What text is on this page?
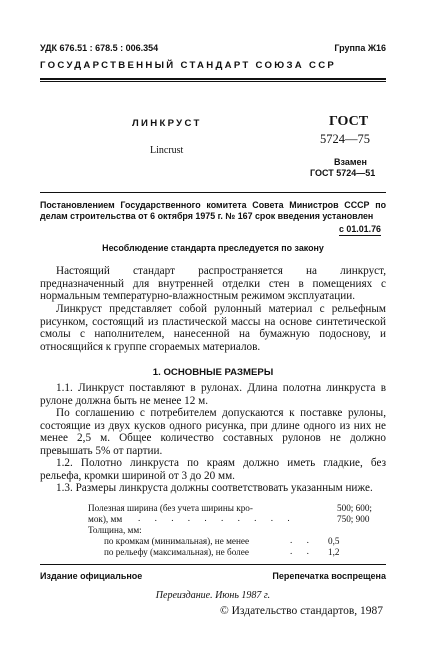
УДК 676.51 : 678.5 : 006.354	Группа Ж16
ГОСУДАРСТВЕННЫЙ СТАНДАРТ СОЮЗА ССР
ЛИНКРУСТ
Lincrust
ГОСТ
5724—75
Взамен
ГОСТ 5724—51
Постановлением Государственного комитета Совета Министров СССР по делам строительства от 6 октября 1975 г. № 167 срок введения установлен
с 01.01.76
Несоблюдение стандарта преследуется по закону
Настоящий стандарт распространяется на линкруст, предназначенный для внутренней отделки стен в помещениях с нормальным температурно-влажностным режимом эксплуатации.
Линкруст представляет собой рулонный материал с рельефным рисунком, состоящий из пластической массы на основе синтетической смолы с наполнителем, нанесенной на бумажную подоснову, и относящийся к группе сгораемых материалов.
1. ОСНОВНЫЕ РАЗМЕРЫ
1.1. Линкруст поставляют в рулонах. Длина полотна линкруста в рулоне должна быть не менее 12 м.
По соглашению с потребителем допускаются к поставке рулоны, состоящие из двух кусков одного рисунка, при длине одного из них не менее 2,5 м. Общее количество составных рулонов не должно превышать 5% от партии.
1.2. Полотно линкруста по краям должно иметь гладкие, без рельефа, кромки шириной от 3 до 20 мм.
1.3. Размеры линкруста должны соответствовать указанным ниже.
Полезная ширина (без учета ширины кро-	500; 600;
мок), мм . . . . . . . . . .	750; 900
Толщина, мм:
по кромкам (минимальная), не менее	. . 0,5
по рельефу (максимальная), не более	. . 1,2
Издание официальное	Перепечатка воспрещена
Переиздание. Июнь 1987 г.
© Издательство стандартов, 1987
